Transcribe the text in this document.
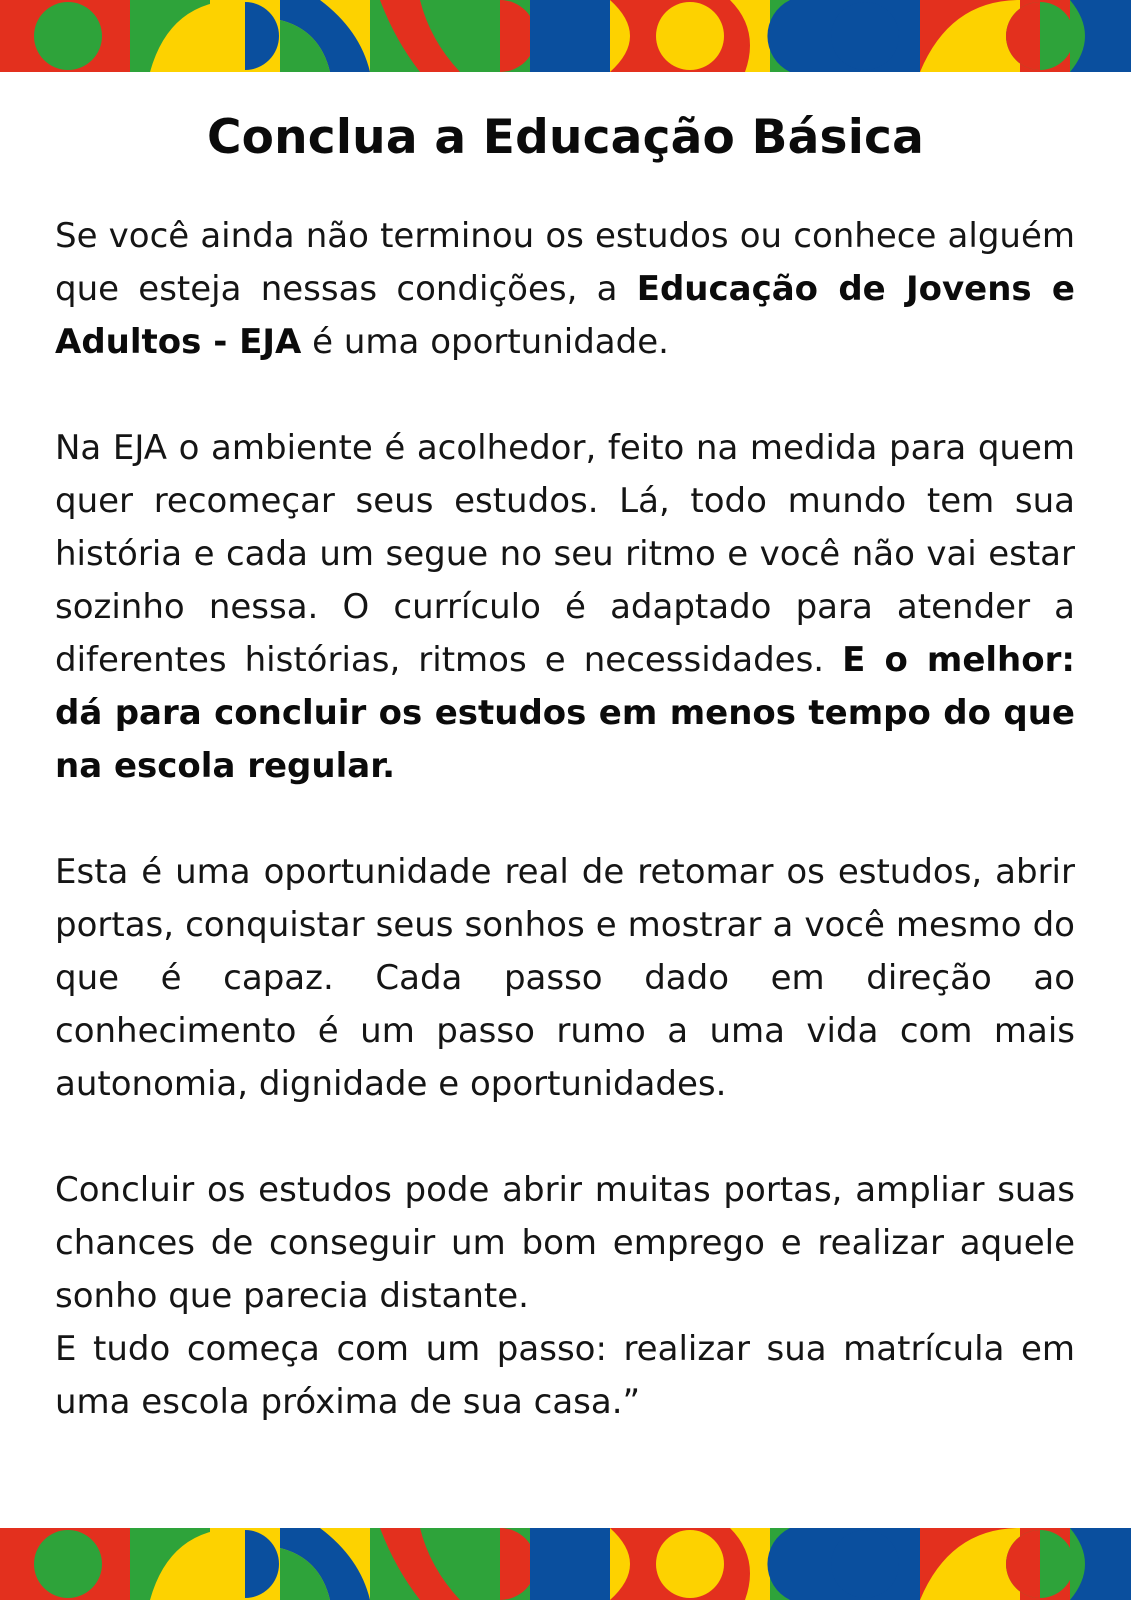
Conclua a Educação Básica

Se você ainda não terminou os estudos ou conhece alguém que esteja nessas condições, a Educação de Jovens e Adultos - EJA é uma oportunidade.

Na EJA o ambiente é acolhedor, feito na medida para quem quer recomeçar seus estudos. Lá, todo mundo tem sua história e cada um segue no seu ritmo e você não vai estar sozinho nessa. O currículo é adaptado para atender a diferentes histórias, ritmos e necessidades. E o melhor: dá para concluir os estudos em menos tempo do que na escola regular.

Esta é uma oportunidade real de retomar os estudos, abrir portas, conquistar seus sonhos e mostrar a você mesmo do que é capaz. Cada passo dado em direção ao conhecimento é um passo rumo a uma vida com mais autonomia, dignidade e oportunidades.

Concluir os estudos pode abrir muitas portas, ampliar suas chances de conseguir um bom emprego e realizar aquele sonho que parecia distante.

E tudo começa com um passo: realizar sua matrícula em uma escola próxima de sua casa.”
